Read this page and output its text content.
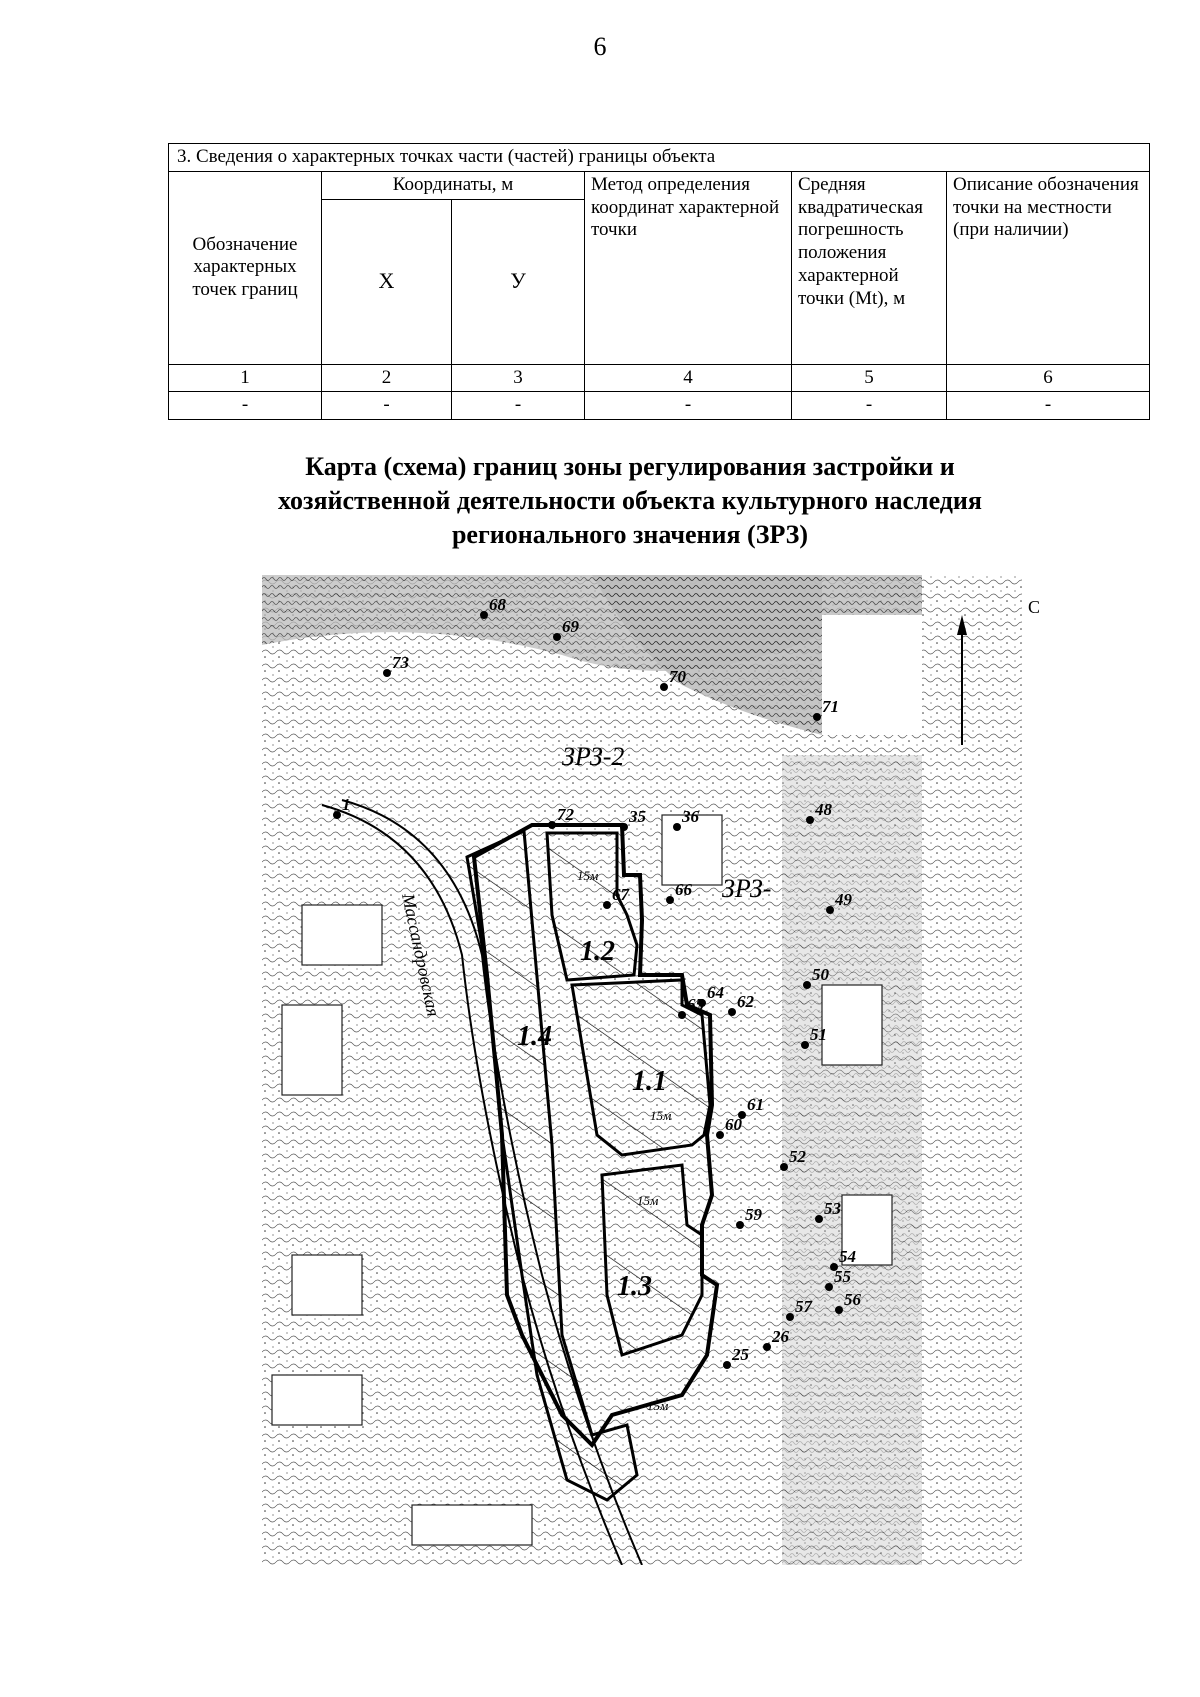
6
3. Сведения о характерных точках части (частей) границы объекта					
Обозначение характерных точек границ	Координаты, м		Метод определения координат характерной точки	Средняя квадратическая погрешность положения характерной точки (Mt), м	Описание обозначения точки на местности (при наличии)
	Х	У			
1	2	3	4	5	6
-	-	-	-	-	-
Карта (схема) границ зоны регулирования застройки и
хозяйственной деятельности объекта культурного наследия
регионального значения (ЗРЗ)
ЗРЗ-2
ЗРЗ-
Массандровская
1.1
1.2
1.3
1.4
15м
15м
15м
15м
68
69
73
70
71
1
72	35 36	48
67	66
49
50
64
65 62
61
60
51
52
53
59
54
55
56
57
26
25
С
